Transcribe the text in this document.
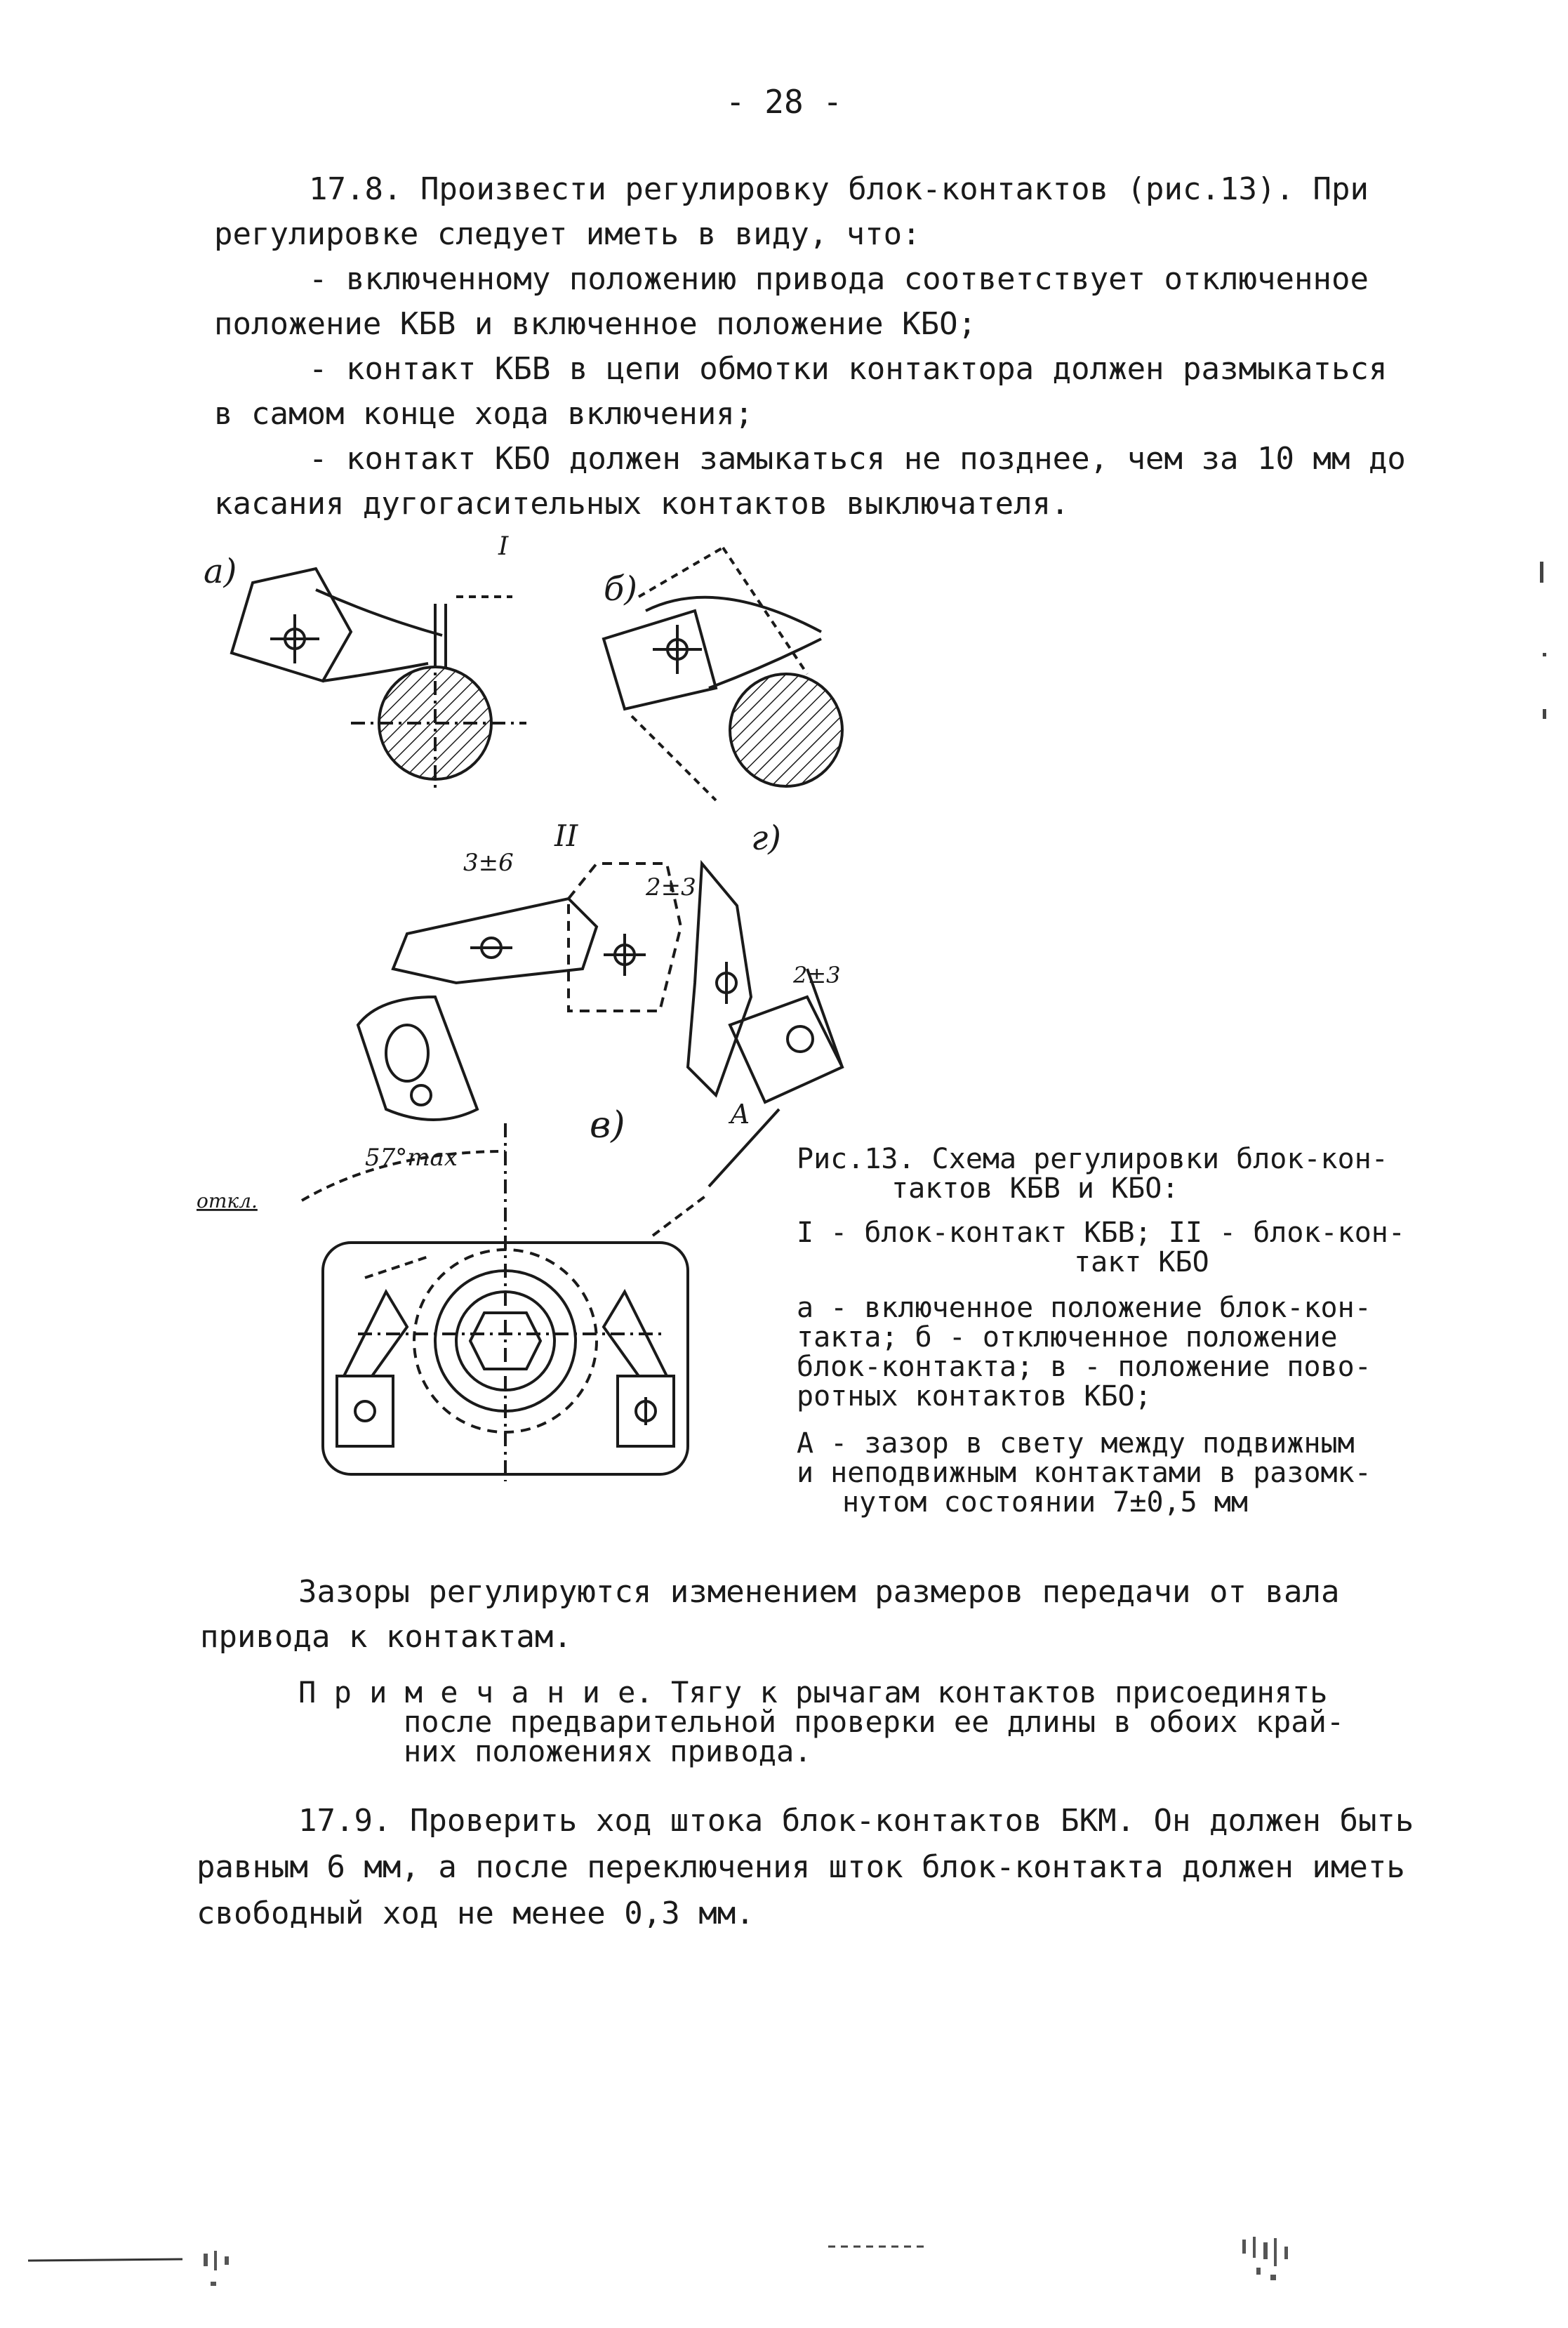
- 28 -
17.8. Произвести регулировку блок-контактов (рис.13). При
регулировке следует иметь в виду, что:
- включенному положению привода соответствует отключенное
положение КБВ и включенное положение КБО;
- контакт КБВ в цепи обмотки контактора должен размыкаться
в самом конце хода включения;
- контакт КБО должен замыкаться не позднее, чем за 10 мм до
касания дугогасительных контактов выключателя.
а)
I
б)
II
3±6
2±3
г)
2±3
в)
57°max
откл.
А
Рис.13. Схема регулировки блок-кон-
тактов КБВ и КБО:
I - блок-контакт КБВ; II - блок-кон-
такт КБО
а - включенное положение блок-кон-
такта; б - отключенное положение
блок-контакта; в - положение пово-
ротных контактов КБО;
А - зазор в свету между подвижным
и неподвижным контактами в разомк-
нутом состоянии 7±0,5 мм
Зазоры регулируются изменением размеров передачи от вала
привода к контактам.
П р и м е ч а н и е. Тягу к рычагам контактов присоединять
после предварительной проверки ее длины в обоих край-
них положениях привода.
17.9. Проверить ход штока блок-контактов БКМ. Он должен быть
равным 6 мм, а после переключения шток блок-контакта должен иметь
свободный ход не менее 0,3 мм.
